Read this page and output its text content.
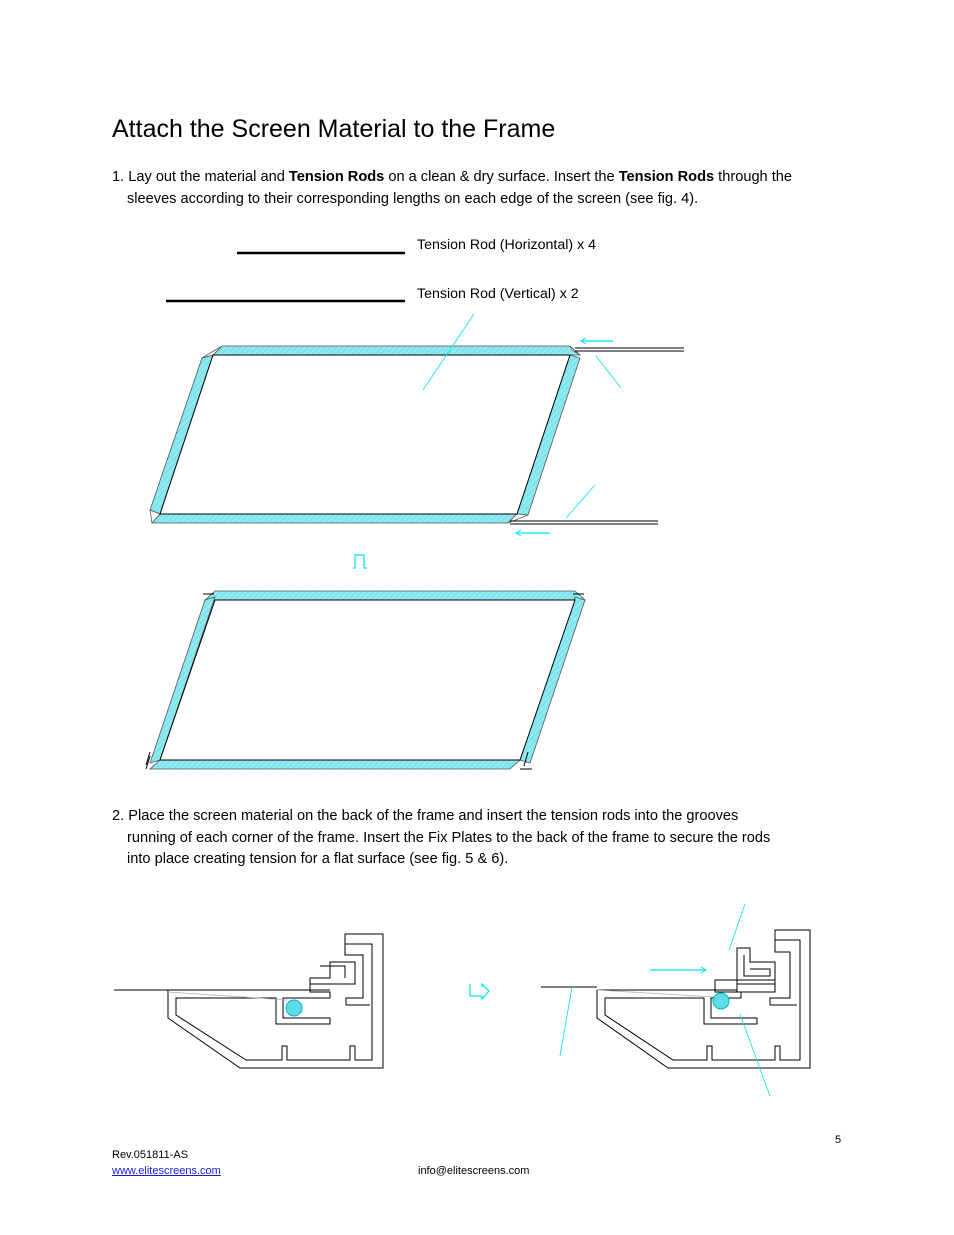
Attach the Screen Material to the Frame
1. Lay out the material and Tension Rods on a clean & dry surface. Insert the Tension Rods through the
sleeves according to their corresponding lengths on each edge of the screen (see fig. 4).
Tension Rod (Horizontal) x 4
Tension Rod (Vertical) x 2
2. Place the screen material on the back of the frame and insert the tension rods into the grooves
running of each corner of the frame. Insert the Fix Plates to the back of the frame to secure the rods
into place creating tension for a flat surface (see fig. 5 & 6).
5
Rev.051811-AS
www.elitescreens.com	info@elitescreens.com
